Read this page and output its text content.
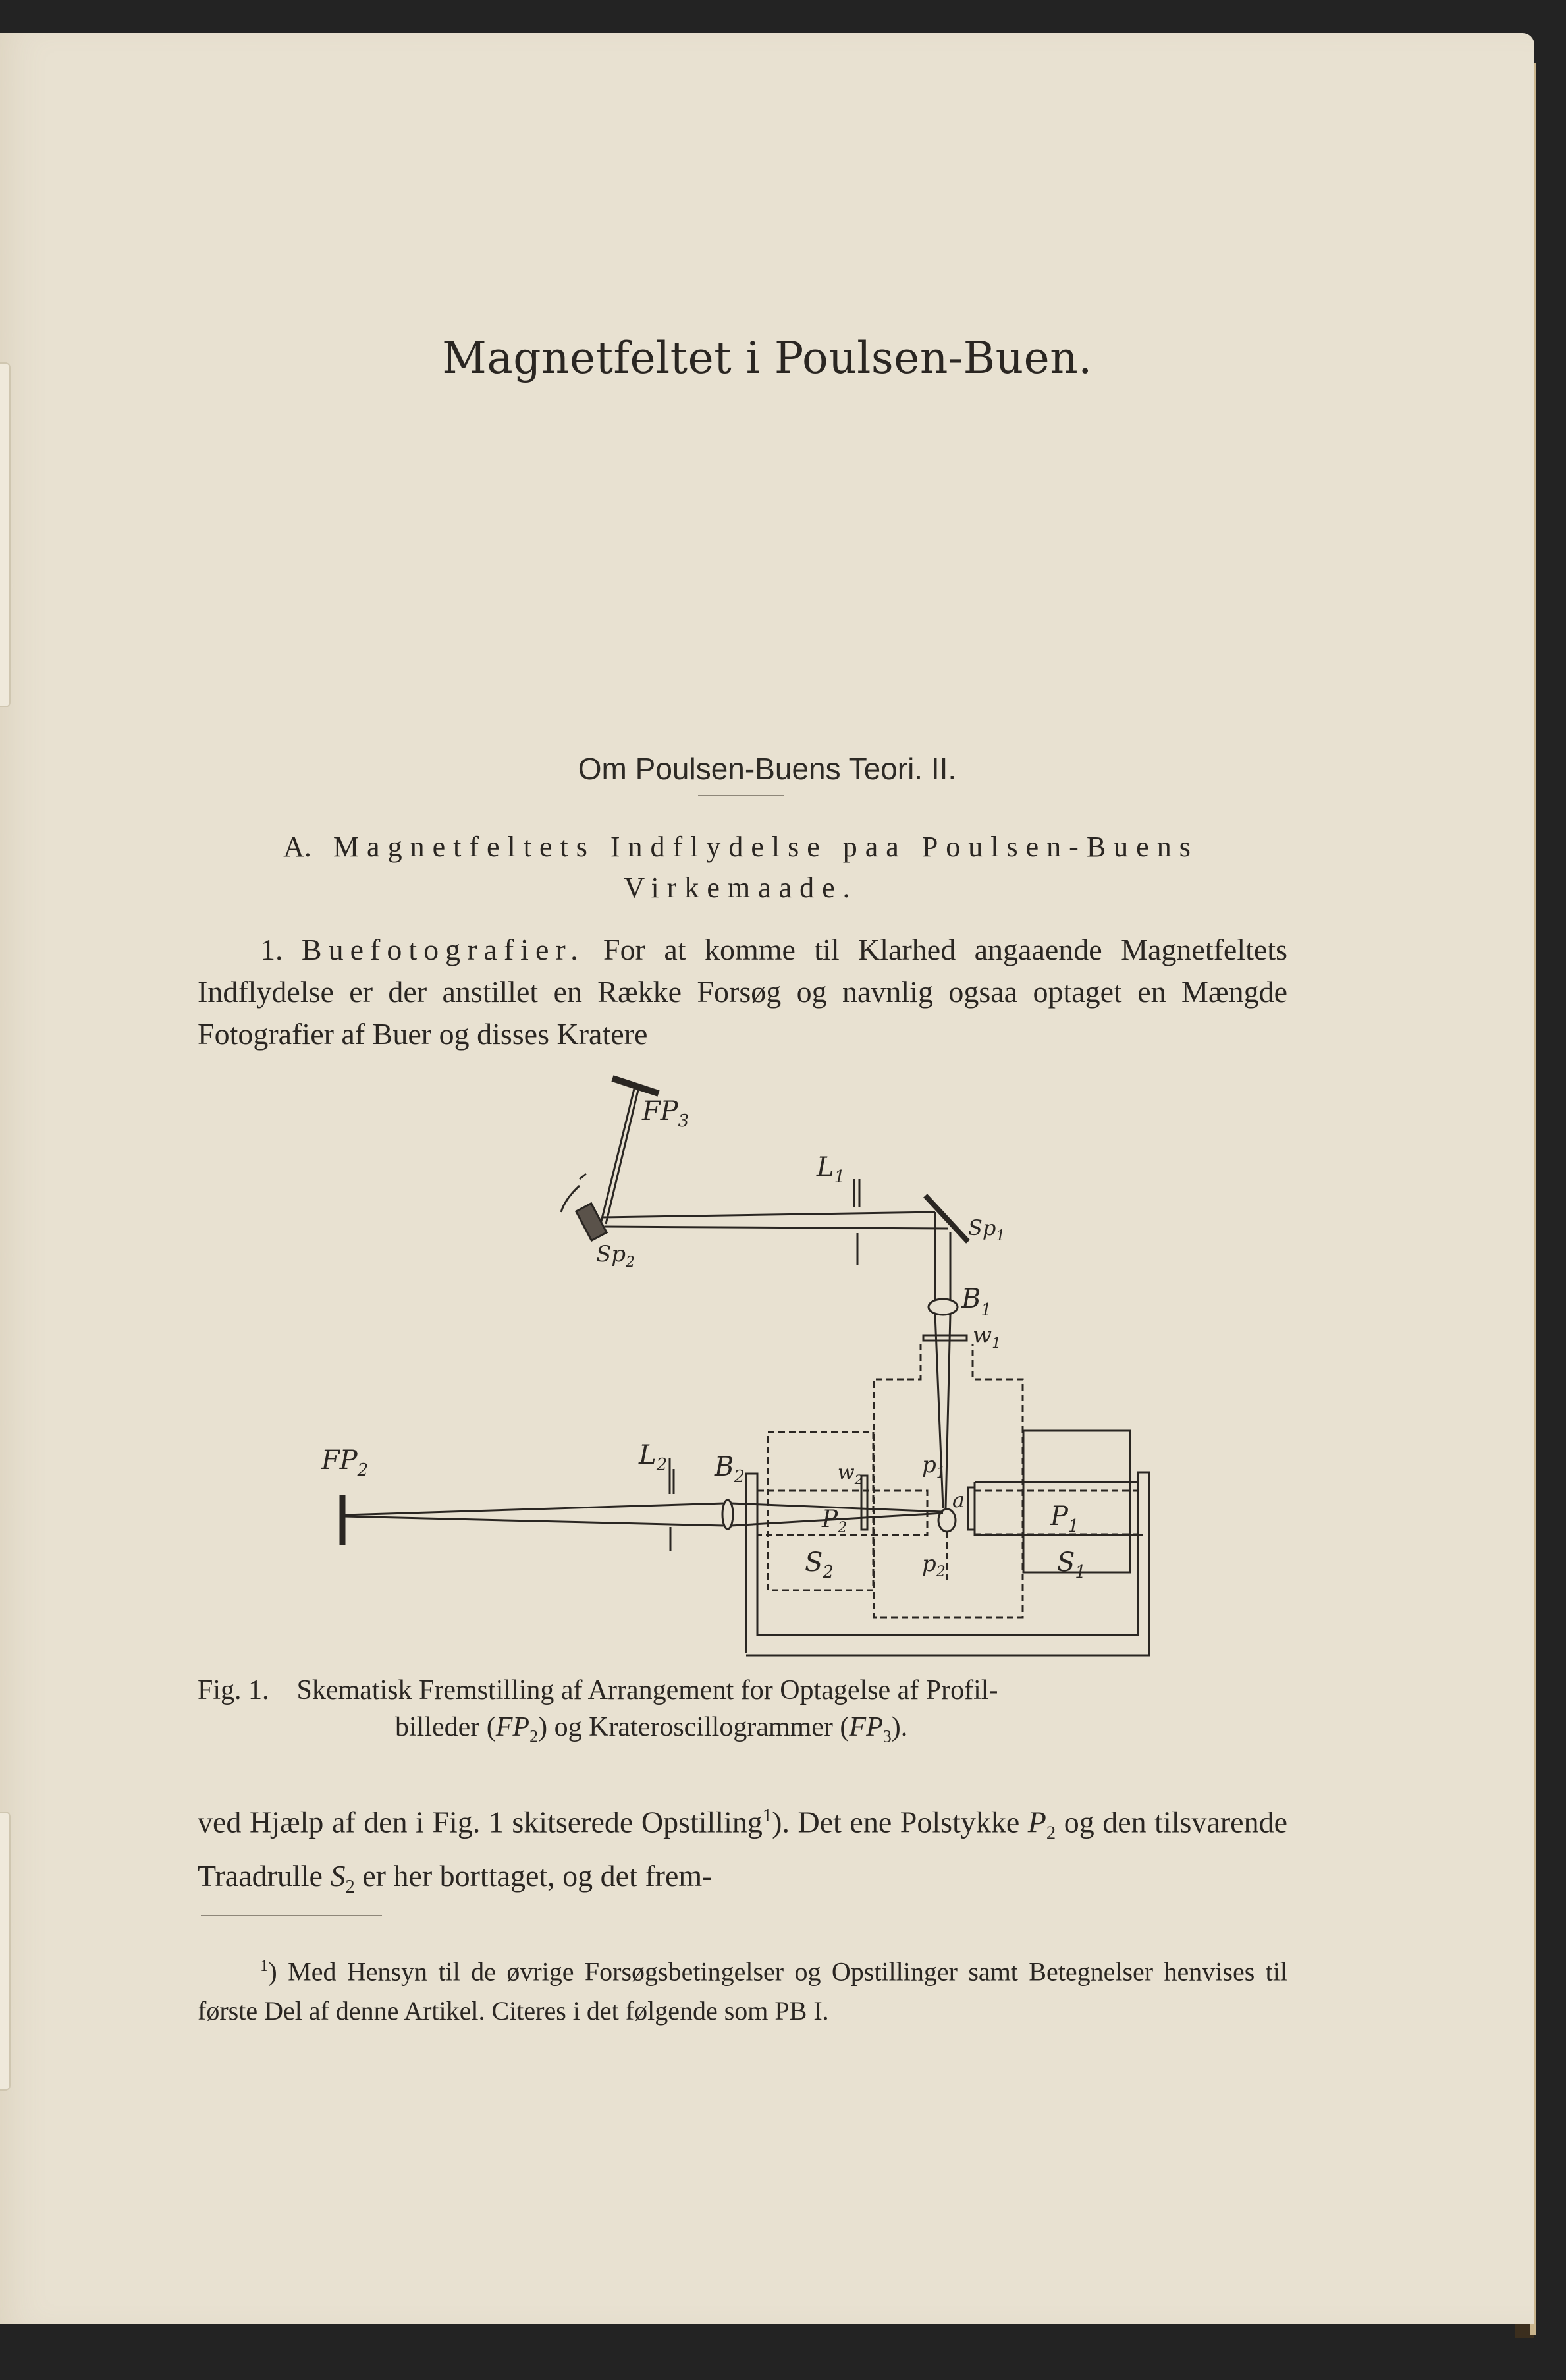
Magnetfeltet i Poulsen-Buen.
Om Poulsen-Buens Teori. II.
A. Magnetfeltets Indflydelse paa Poulsen-Buens
Virkemaade.
1. Buefotografier. For at komme til Klarhed angaaende Magnetfeltets Indflydelse er der anstillet en Række Forsøg og navnlig ogsaa optaget en Mængde Fotografier af Buer og disses Kratere
$FP_3$
$L_1$
$Sp_1$
$Sp_2$
$B_1$
$w_1$
$FP_2$	$L_2$ $B_2$	$w_2$
$p_1$
a
$P_2$	$P_1$
$p_2$
$S_2$	$S_1$
Fig. 1. Skematisk Fremstilling af Arrangement for Optagelse af Profil-
billeder $(FP_2)$ og Krateroscillogrammer $(FP_3)$.
ved Hjælp af den i Fig. 1 skitserede Opstilling$^1$). Det ene Polstykke $P_2$ og den tilsvarende Traadrulle $S_2$ er her borttaget, og det frem-
$^1$) Med Hensyn til de øvrige Forsøgsbetingelser og Opstillinger samt Betegnelser henvises til første Del af denne Artikel. Citeres i det følgende som PB I.
